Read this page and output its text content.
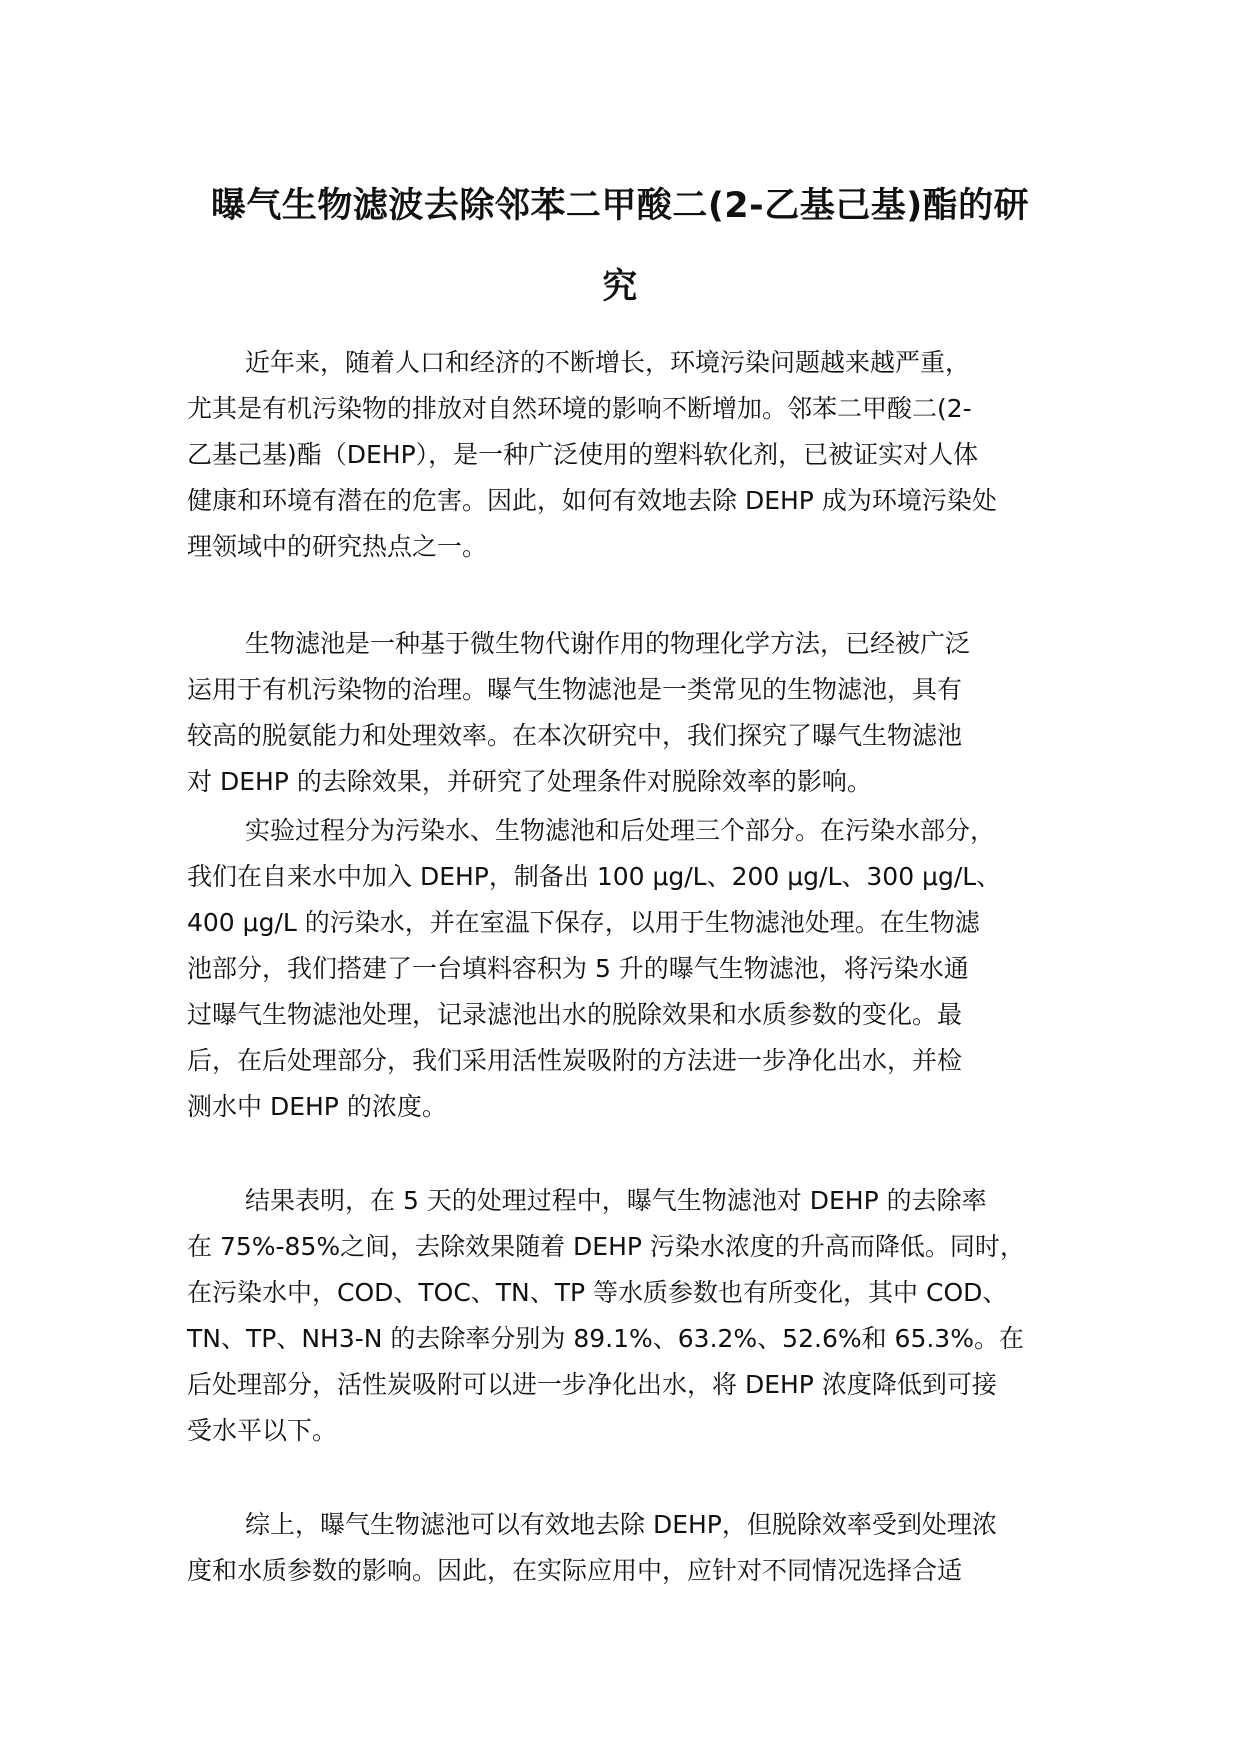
曝气生物滤波去除邻苯二甲酸二(2-乙基己基)酯的研
究
近年来，随着人口和经济的不断增长，环境污染问题越来越严重，
尤其是有机污染物的排放对自然环境的影响不断增加。邻苯二甲酸二(2-
乙基己基)酯（DEHP），是一种广泛使用的塑料软化剂，已被证实对人体
健康和环境有潜在的危害。因此，如何有效地去除 DEHP 成为环境污染处
理领域中的研究热点之一。
生物滤池是一种基于微生物代谢作用的物理化学方法，已经被广泛
运用于有机污染物的治理。曝气生物滤池是一类常见的生物滤池，具有
较高的脱氨能力和处理效率。在本次研究中，我们探究了曝气生物滤池
对 DEHP 的去除效果，并研究了处理条件对脱除效率的影响。
实验过程分为污染水、生物滤池和后处理三个部分。在污染水部分，
我们在自来水中加入 DEHP，制备出 100 μg/L、200 μg/L、300 μg/L、
400 μg/L 的污染水，并在室温下保存，以用于生物滤池处理。在生物滤
池部分，我们搭建了一台填料容积为 5 升的曝气生物滤池，将污染水通
过曝气生物滤池处理，记录滤池出水的脱除效果和水质参数的变化。最
后，在后处理部分，我们采用活性炭吸附的方法进一步净化出水，并检
测水中 DEHP 的浓度。
结果表明，在 5 天的处理过程中，曝气生物滤池对 DEHP 的去除率
在 75%-85%之间，去除效果随着 DEHP 污染水浓度的升高而降低。同时，
在污染水中，COD、TOC、TN、TP 等水质参数也有所变化，其中 COD、
TN、TP、NH3-N 的去除率分别为 89.1%、63.2%、52.6%和 65.3%。在
后处理部分，活性炭吸附可以进一步净化出水，将 DEHP 浓度降低到可接
受水平以下。
综上，曝气生物滤池可以有效地去除 DEHP，但脱除效率受到处理浓
度和水质参数的影响。因此，在实际应用中，应针对不同情况选择合适
